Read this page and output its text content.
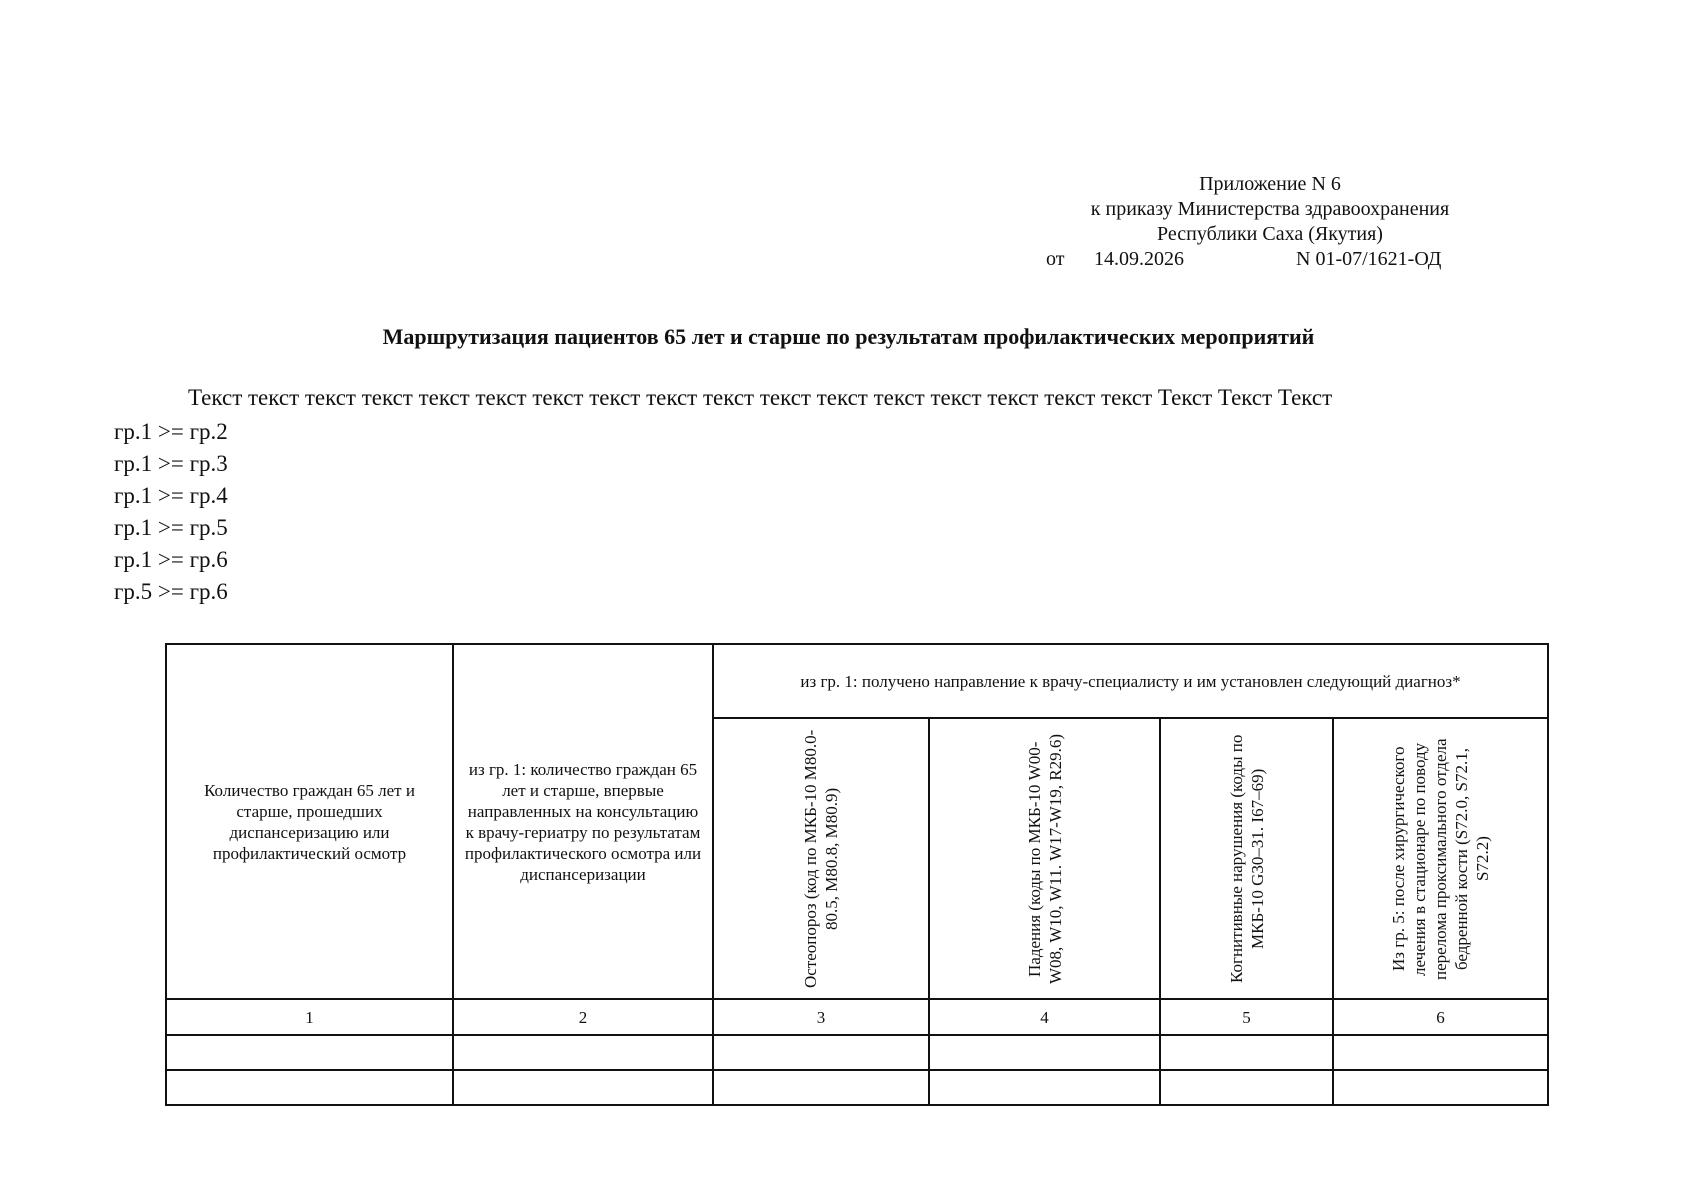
Приложение N 6
к приказу Министерства здравоохранения
Республики Саха (Якутия)
от 14.09.2026	N 01-07/1621-ОД
Маршрутизация пациентов 65 лет и старше по результатам профилактических мероприятий
Текст текст текст текст текст текст текст текст текст текст текст текст текст текст текст текст текст Текст Текст Текст
гр.1 >= гр.2
гр.1 >= гр.3
гр.1 >= гр.4
гр.1 >= гр.5
гр.1 >= гр.6
гр.5 >= гр.6
Количество граждан 65 лет и старше, прошедших диспансеризацию или профилактический осмотр	из гр. 1: количество граждан 65 лет и старше, впервые направленных на консультацию к врачу-гериатру по результатам профилактического осмотра или диспансеризации	из гр. 1: получено направление к врачу-специалисту и им установлен следующий диагноз*			

Остеопороз (код по МКБ-10 M80.0-80.5, M80.8, M80.9)	Падения (коды по МКБ-10 W00-W08, W10, W11. W17-W19, R29.6)	Когнитивные нарушения (коды по МКБ-10 G30–31. I67–69)	Из гр. 5: после хирургического лечения в стационаре по поводу перелома проксимального отдела бедренной кости (S72.0, S72.1, S72.2)

1	2	3	4	5	6
